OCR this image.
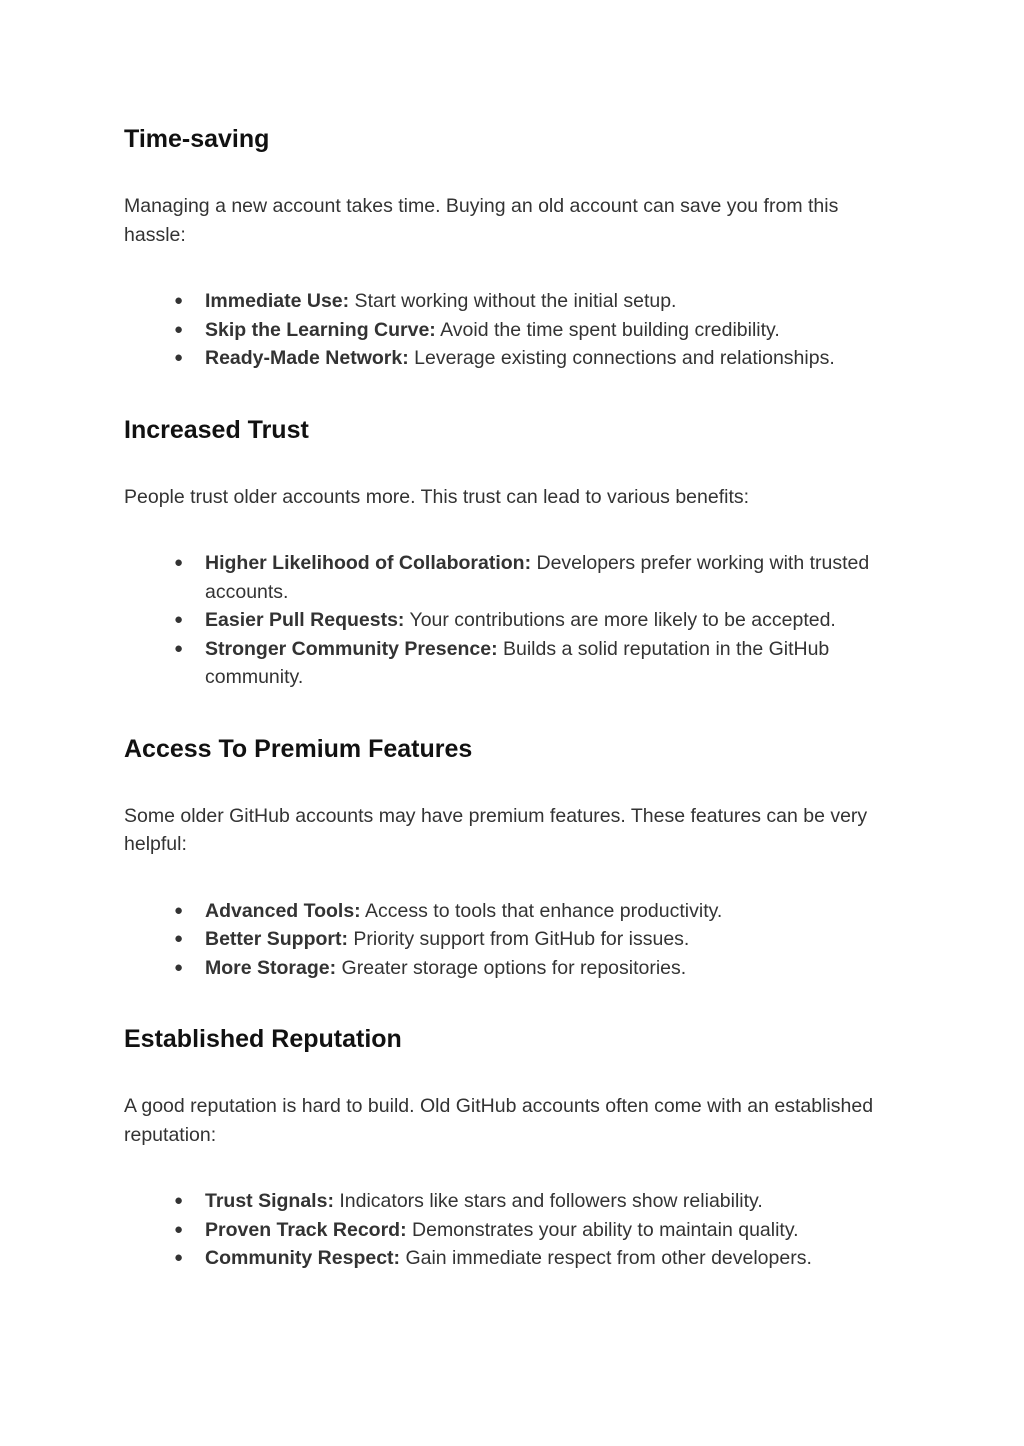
Time-saving

Managing a new account takes time. Buying an old account can save you from this hassle:

● Immediate Use: Start working without the initial setup.
● Skip the Learning Curve: Avoid the time spent building credibility.
● Ready-Made Network: Leverage existing connections and relationships.
Increased Trust

People trust older accounts more. This trust can lead to various benefits:

● Higher Likelihood of Collaboration: Developers prefer working with trusted accounts.
● Easier Pull Requests: Your contributions are more likely to be accepted.
● Stronger Community Presence: Builds a solid reputation in the GitHub community.
Access To Premium Features

Some older GitHub accounts may have premium features. These features can be very helpful:

● Advanced Tools: Access to tools that enhance productivity.
● Better Support: Priority support from GitHub for issues.
● More Storage: Greater storage options for repositories.
Established Reputation

A good reputation is hard to build. Old GitHub accounts often come with an established reputation:

● Trust Signals: Indicators like stars and followers show reliability.
● Proven Track Record: Demonstrates your ability to maintain quality.
● Community Respect: Gain immediate respect from other developers.
